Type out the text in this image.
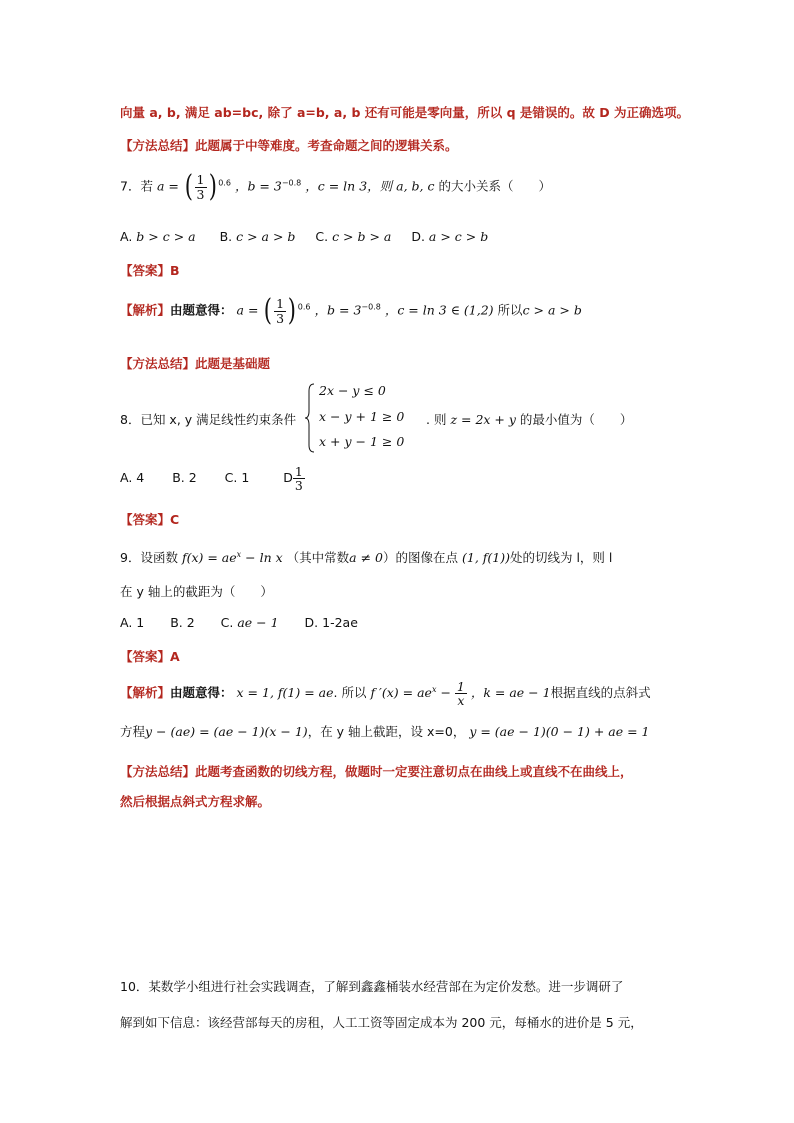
向量 a, b, 满足 ab=bc, 除了 a=b, a, b 还有可能是零向量，所以 q 是错误的。故 D 为正确选项。
【方法总结】此题属于中等难度。考查命题之间的逻辑关系。
7．若 a = ( $\frac{1}{3}$ ) $^{0.6}$ ，$b = 3^{-0.8}$ ，c = ln 3，则 a, b, c 的大小关系（　　）
A. b > c > a B. c > a > b C. c > b > a D. a > c > b
【答案】B
【解析】由题意得： a = ( $\frac{1}{3}$ ) $^{0.6}$ ，$b = 3^{-0.8}$ ，c = ln 3 ∈ (1,2) 所以c > a > b
【方法总结】此题是基础题
8．已知 x, y 满足线性约束条件
2x − y ≤ 0
x − y + 1 ≥ 0
x + y − 1 ≥ 0
. 则 z = 2x + y 的最小值为（　　）
A. 4 B. 2 C. 1	D $\frac{1}{3}$
【答案】C
9．设函数 $f(x) = ae^x - \ln x$ （其中常数a ≠ 0）的图像在点 (1, f(1))处的切线为 l，则 l
在 y 轴上的截距为（　　）
A. 1 B. 2 C. ae − 1 D. 1-2ae
【答案】A
【解析】由题意得： x = 1, f(1) = ae. 所以 f $'(x) = ae^x - \frac{1}{x}$ ，k = ae − 1根据直线的点斜式
方程y − (ae) = (ae − 1)(x − 1)，在 y 轴上截距，设 x=0， y = (ae − 1)(0 − 1) + ae = 1
【方法总结】此题考查函数的切线方程，做题时一定要注意切点在曲线上或直线不在曲线上，
然后根据点斜式方程求解。
10．某数学小组进行社会实践调查，了解到鑫鑫桶装水经营部在为定价发愁。进一步调研了
解到如下信息：该经营部每天的房租，人工工资等固定成本为 200 元，每桶水的进价是 5 元，
